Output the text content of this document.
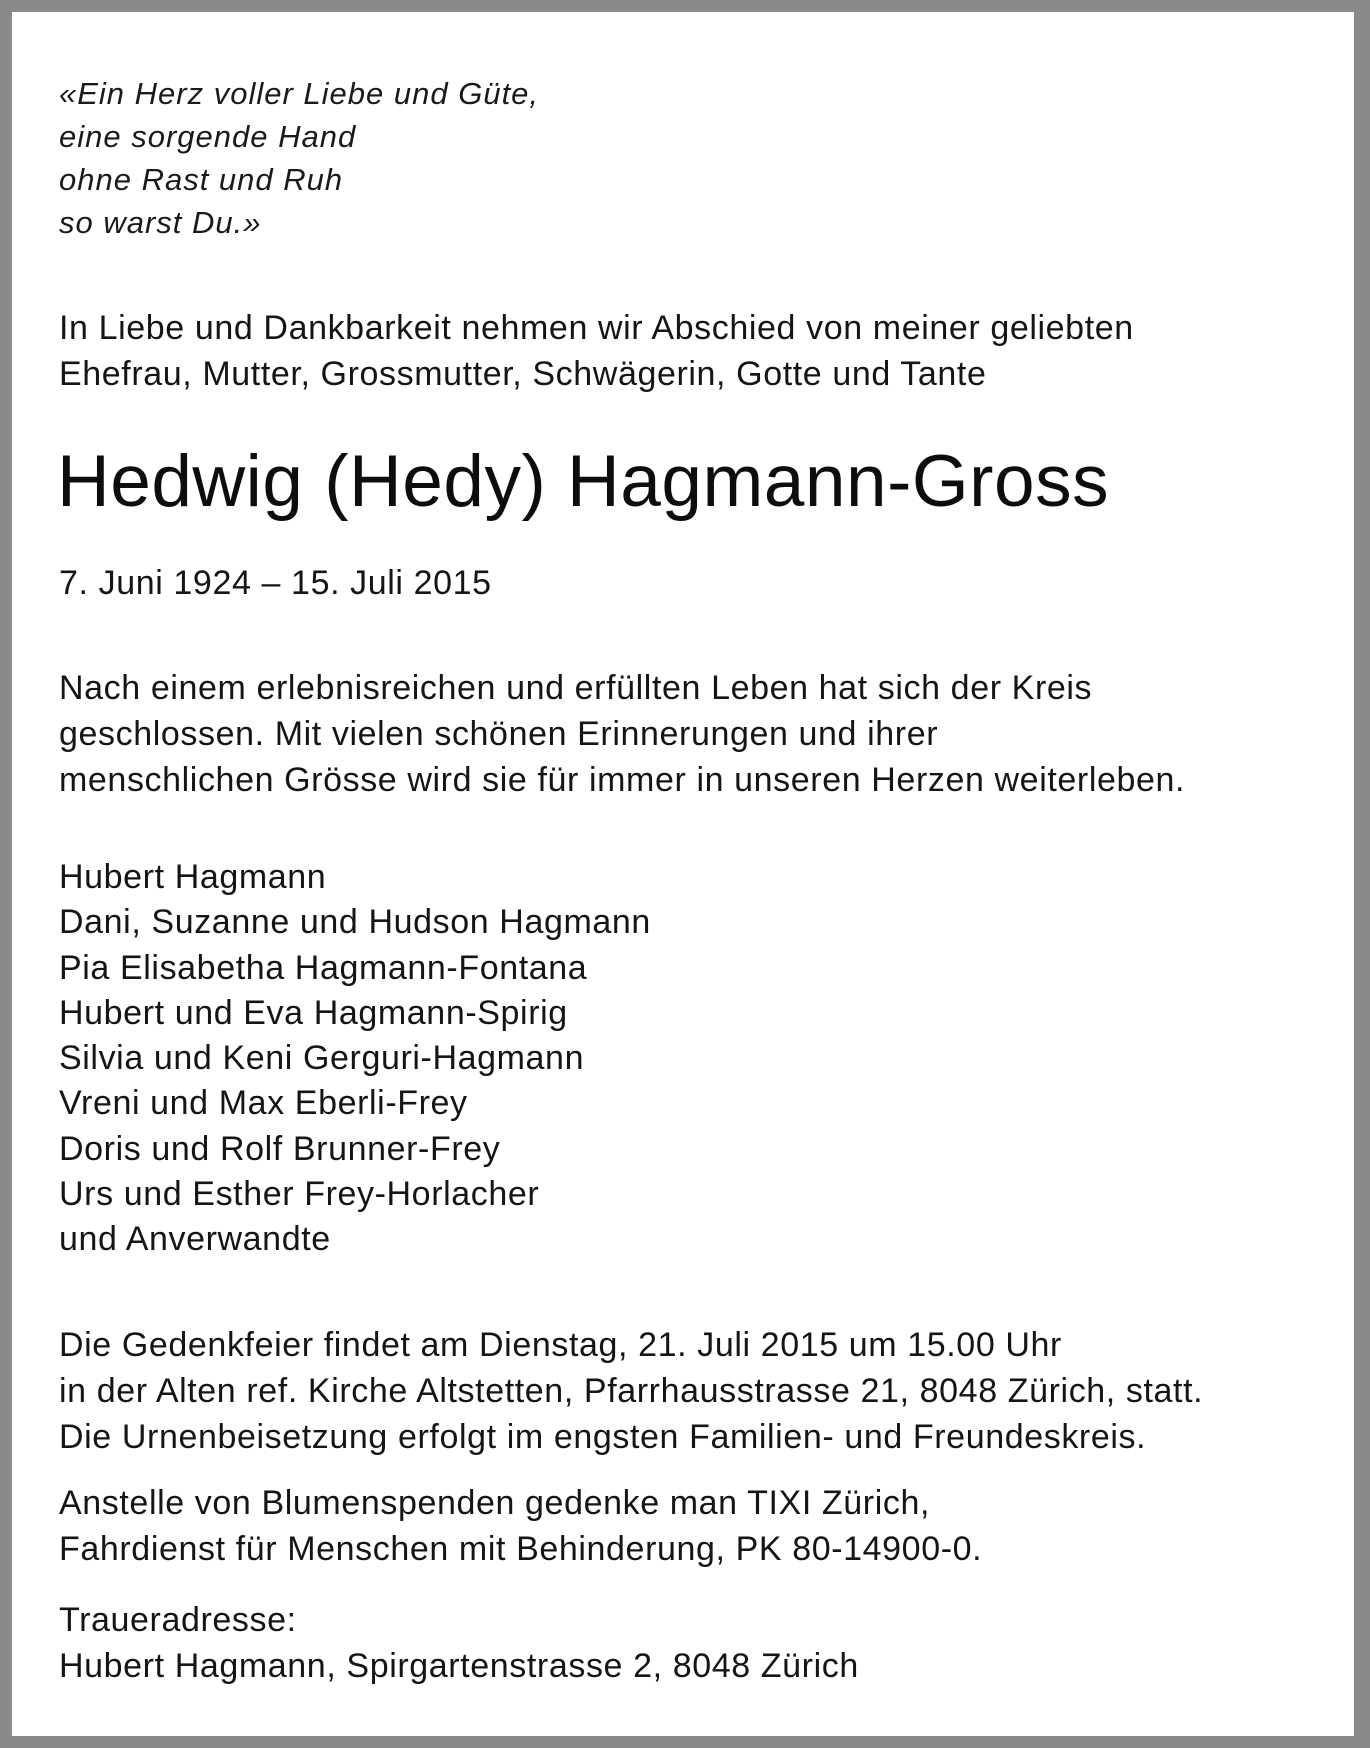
«Ein Herz voller Liebe und Güte,
eine sorgende Hand
ohne Rast und Ruh
so warst Du.»
In Liebe und Dankbarkeit nehmen wir Abschied von meiner geliebten
Ehefrau, Mutter, Grossmutter, Schwägerin, Gotte und Tante
Hedwig (Hedy) Hagmann-Gross
7. Juni 1924 – 15. Juli 2015
Nach einem erlebnisreichen und erfüllten Leben hat sich der Kreis
geschlossen. Mit vielen schönen Erinnerungen und ihrer
menschlichen Grösse wird sie für immer in unseren Herzen weiterleben.
Hubert Hagmann
Dani, Suzanne und Hudson Hagmann
Pia Elisabetha Hagmann-Fontana
Hubert und Eva Hagmann-Spirig
Silvia und Keni Gerguri-Hagmann
Vreni und Max Eberli-Frey
Doris und Rolf Brunner-Frey
Urs und Esther Frey-Horlacher
und Anverwandte
Die Gedenkfeier findet am Dienstag, 21. Juli 2015 um 15.00 Uhr
in der Alten ref. Kirche Altstetten, Pfarrhausstrasse 21, 8048 Zürich, statt.
Die Urnenbeisetzung erfolgt im engsten Familien- und Freundeskreis.
Anstelle von Blumenspenden gedenke man TIXI Zürich,
Fahrdienst für Menschen mit Behinderung, PK 80-14900-0.
Traueradresse:
Hubert Hagmann, Spirgartenstrasse 2, 8048 Zürich
